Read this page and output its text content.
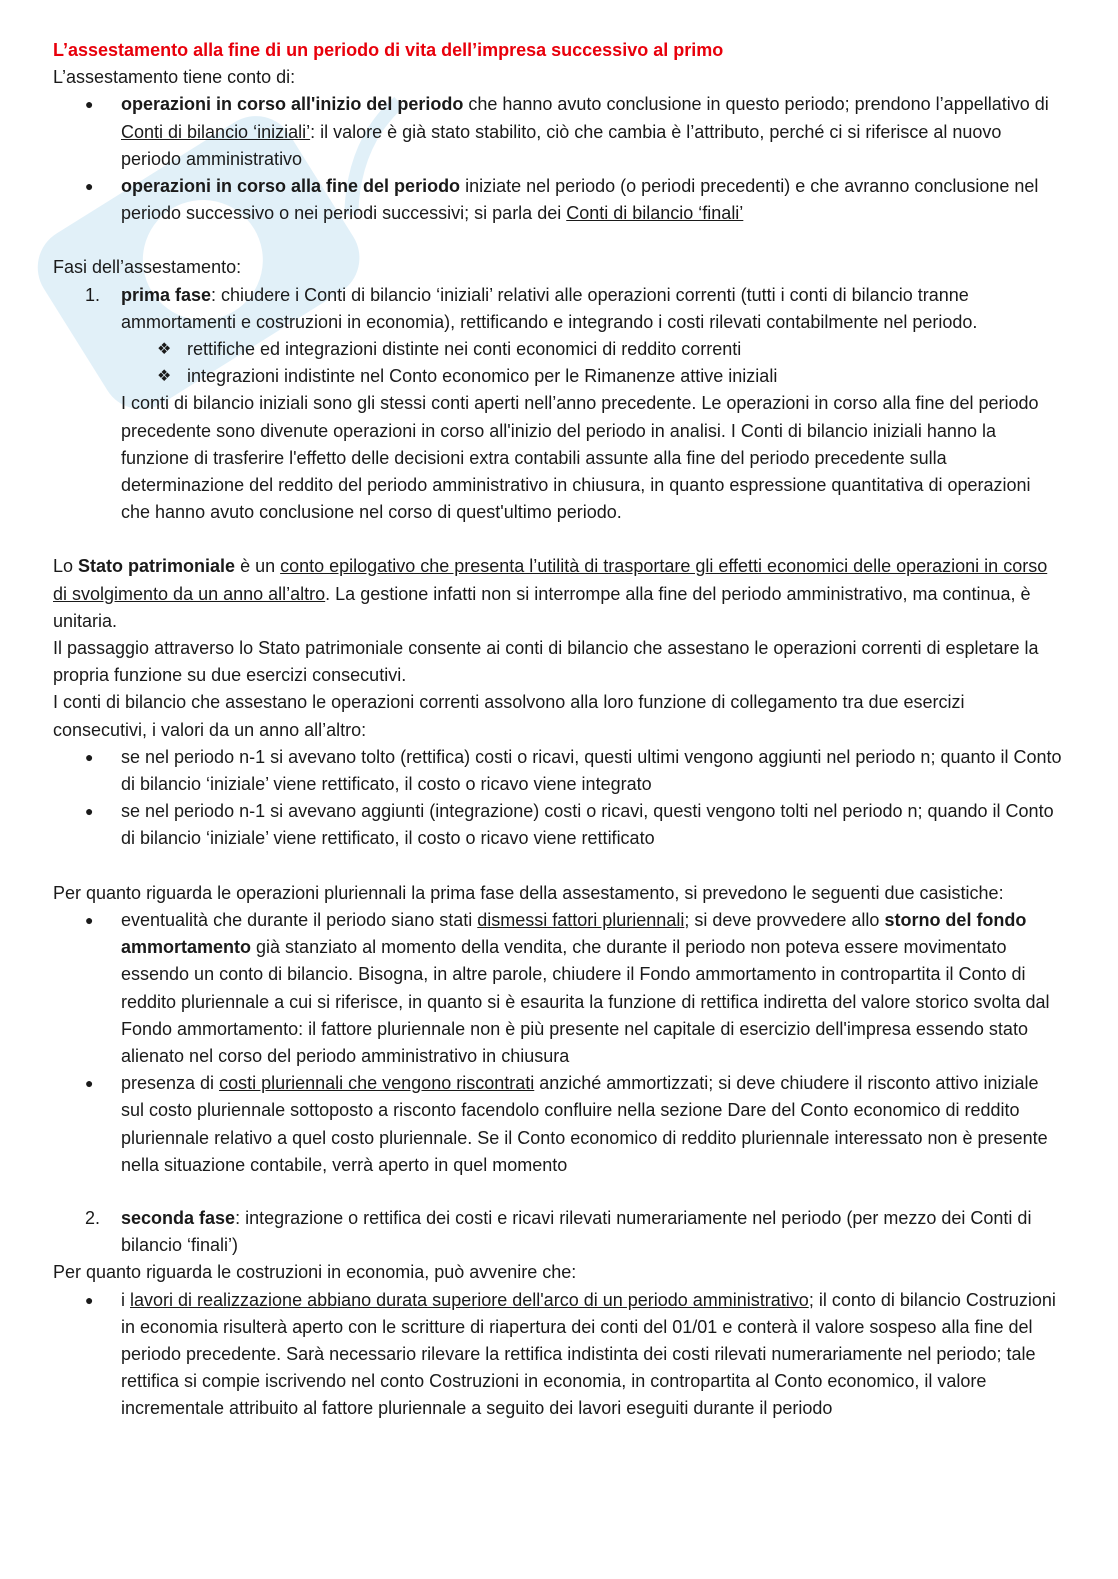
L’assestamento alla fine di un periodo di vita dell’impresa successivo al primo

L’assestamento tiene conto di:

● operazioni in corso all'inizio del periodo che hanno avuto conclusione in questo periodo; prendono l’appellativo di Conti di bilancio ‘iniziali’: il valore è già stato stabilito, ciò che cambia è l’attributo, perché ci si riferisce al nuovo periodo amministrativo
● operazioni in corso alla fine del periodo iniziate nel periodo (o periodi precedenti) e che avranno conclusione nel periodo successivo o nei periodi successivi; si parla dei Conti di bilancio ‘finali’

Fasi dell’assestamento:

1. prima fase: chiudere i Conti di bilancio ‘iniziali’ relativi alle operazioni correnti (tutti i conti di bilancio tranne ammortamenti e costruzioni in economia), rettificando e integrando i costi rilevati contabilmente nel periodo.
❖ rettifiche ed integrazioni distinte nei conti economici di reddito correnti
❖ integrazioni indistinte nel Conto economico per le Rimanenze attive iniziali

I conti di bilancio iniziali sono gli stessi conti aperti nell’anno precedente. Le operazioni in corso alla fine del periodo precedente sono divenute operazioni in corso all'inizio del periodo in analisi. I Conti di bilancio iniziali hanno la funzione di trasferire l'effetto delle decisioni extra contabili assunte alla fine del periodo precedente sulla determinazione del reddito del periodo amministrativo in chiusura, in quanto espressione quantitativa di operazioni che hanno avuto conclusione nel corso di quest'ultimo periodo.

Lo Stato patrimoniale è un conto epilogativo che presenta l’utilità di trasportare gli effetti economici delle operazioni in corso di svolgimento da un anno all’altro. La gestione infatti non si interrompe alla fine del periodo amministrativo, ma continua, è unitaria.

Il passaggio attraverso lo Stato patrimoniale consente ai conti di bilancio che assestano le operazioni correnti di espletare la propria funzione su due esercizi consecutivi.

I conti di bilancio che assestano le operazioni correnti assolvono alla loro funzione di collegamento tra due esercizi consecutivi, i valori da un anno all’altro:

● se nel periodo n-1 si avevano tolto (rettifica) costi o ricavi, questi ultimi vengono aggiunti nel periodo n; quanto il Conto di bilancio ‘iniziale’ viene rettificato, il costo o ricavo viene integrato
● se nel periodo n-1 si avevano aggiunti (integrazione) costi o ricavi, questi vengono tolti nel periodo n; quando il Conto di bilancio ‘iniziale’ viene rettificato, il costo o ricavo viene rettificato

Per quanto riguarda le operazioni pluriennali la prima fase della assestamento, si prevedono le seguenti due casistiche:

● eventualità che durante il periodo siano stati dismessi fattori pluriennali; si deve provvedere allo storno del fondo ammortamento già stanziato al momento della vendita, che durante il periodo non poteva essere movimentato essendo un conto di bilancio. Bisogna, in altre parole, chiudere il Fondo ammortamento in contropartita il Conto di reddito pluriennale a cui si riferisce, in quanto si è esaurita la funzione di rettifica indiretta del valore storico svolta dal Fondo ammortamento: il fattore pluriennale non è più presente nel capitale di esercizio dell'impresa essendo stato alienato nel corso del periodo amministrativo in chiusura
● presenza di costi pluriennali che vengono riscontrati anziché ammortizzati; si deve chiudere il risconto attivo iniziale sul costo pluriennale sottoposto a risconto facendolo confluire nella sezione Dare del Conto economico di reddito pluriennale relativo a quel costo pluriennale. Se il Conto economico di reddito pluriennale interessato non è presente nella situazione contabile, verrà aperto in quel momento
2. seconda fase: integrazione o rettifica dei costi e ricavi rilevati numerariamente nel periodo (per mezzo dei Conti di bilancio ‘finali’)

Per quanto riguarda le costruzioni in economia, può avvenire che:

● i lavori di realizzazione abbiano durata superiore dell'arco di un periodo amministrativo; il conto di bilancio Costruzioni in economia risulterà aperto con le scritture di riapertura dei conti del 01/01 e conterà il valore sospeso alla fine del periodo precedente. Sarà necessario rilevare la rettifica indistinta dei costi rilevati numerariamente nel periodo; tale rettifica si compie iscrivendo nel conto Costruzioni in economia, in contropartita al Conto economico, il valore incrementale attribuito al fattore pluriennale a seguito dei lavori eseguiti durante il periodo
